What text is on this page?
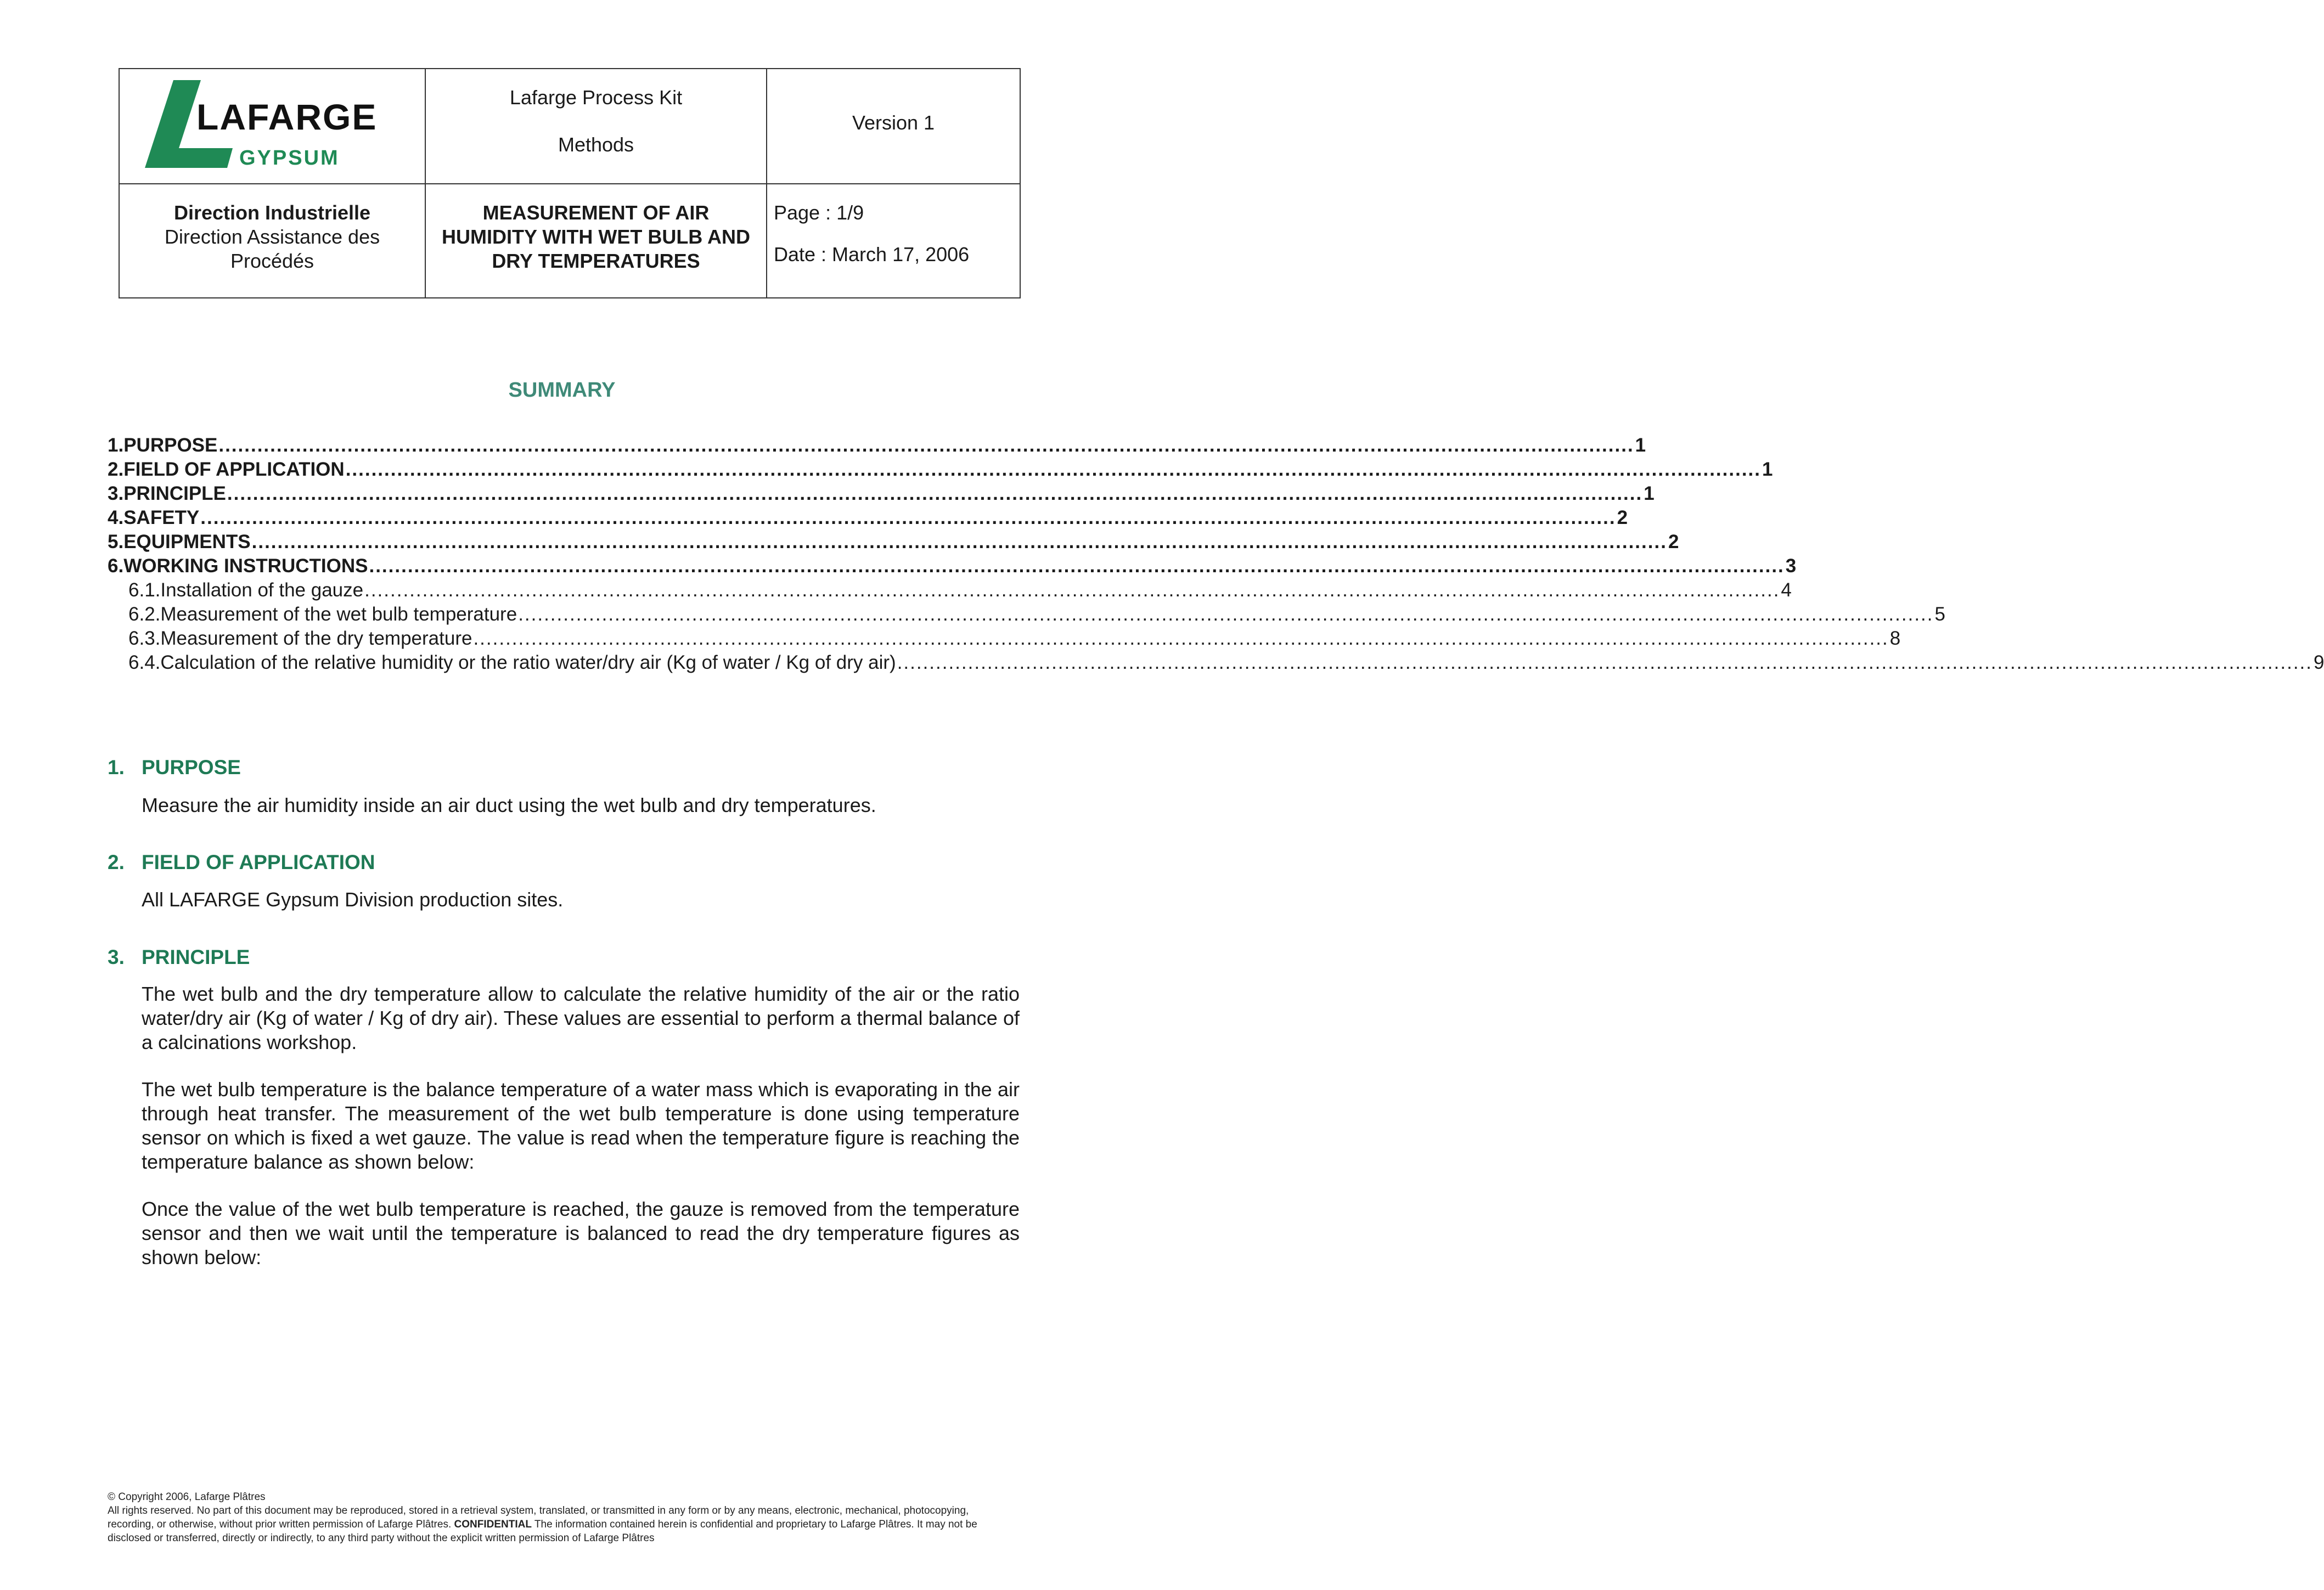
LAFARGE
GYPSUM
Lafarge Process Kit
Methods
Version 1
Direction Industrielle
Direction Assistance des
Procédés
MEASUREMENT OF AIR
HUMIDITY WITH WET BULB AND
DRY TEMPERATURES
Page : 1/9
Date : March 17, 2006
SUMMARY
1. PURPOSE ............................................................................................................................................................................................................................ 1
2. FIELD OF APPLICATION ............................................................................................................................................................................................................................ 1
3. PRINCIPLE ............................................................................................................................................................................................................................ 1
4. SAFETY ............................................................................................................................................................................................................................ 2
5. EQUIPMENTS ............................................................................................................................................................................................................................ 2
6. WORKING INSTRUCTIONS ............................................................................................................................................................................................................................ 3
6.1. Installation of the gauze ............................................................................................................................................................................................................................ 4
6.2. Measurement of the wet bulb temperature ............................................................................................................................................................................................................................ 5
6.3. Measurement of the dry temperature ............................................................................................................................................................................................................................ 8
6.4. Calculation of the relative humidity or the ratio water/dry air (Kg of water / Kg of dry air) ............................................................................................................................................................................................................................ 9
1. PURPOSE
Measure the air humidity inside an air duct using the wet bulb and dry temperatures.
2. FIELD OF APPLICATION
All LAFARGE Gypsum Division production sites.
3. PRINCIPLE
The wet bulb and the dry temperature allow to calculate the relative humidity of the air or the ratio water/dry air (Kg of water / Kg of dry air). These values are essential to perform a thermal balance of a calcinations workshop.
The wet bulb temperature is the balance temperature of a water mass which is evaporating in the air through heat transfer. The measurement of the wet bulb temperature is done using temperature sensor on which is fixed a wet gauze. The value is read when the temperature figure is reaching the temperature balance as shown below:
Once the value of the wet bulb temperature is reached, the gauze is removed from the temperature sensor and then we wait until the temperature is balanced to read the dry temperature figures as shown below:
© Copyright 2006, Lafarge Plâtres
All rights reserved. No part of this document may be reproduced, stored in a retrieval system, translated, or transmitted in any form or by any means, electronic, mechanical, photocopying, recording, or otherwise, without prior written permission of Lafarge Plâtres. CONFIDENTIAL The information contained herein is confidential and proprietary to Lafarge Plâtres. It may not be disclosed or transferred, directly or indirectly, to any third party without the explicit written permission of Lafarge Plâtres
